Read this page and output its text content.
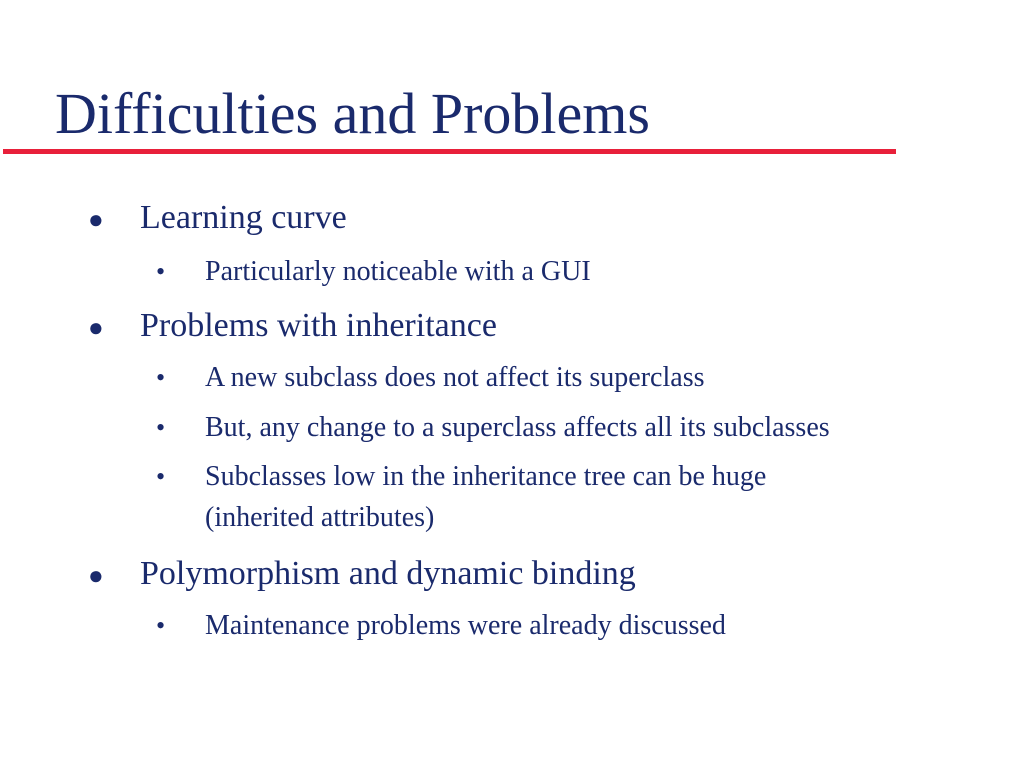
Difficulties and Problems
● Learning curve
• Particularly noticeable with a GUI
● Problems with inheritance
• A new subclass does not affect its superclass
• But, any change to a superclass affects all its subclasses
• Subclasses low in the inheritance tree can be huge
(inherited attributes)
● Polymorphism and dynamic binding
• Maintenance problems were already discussed
